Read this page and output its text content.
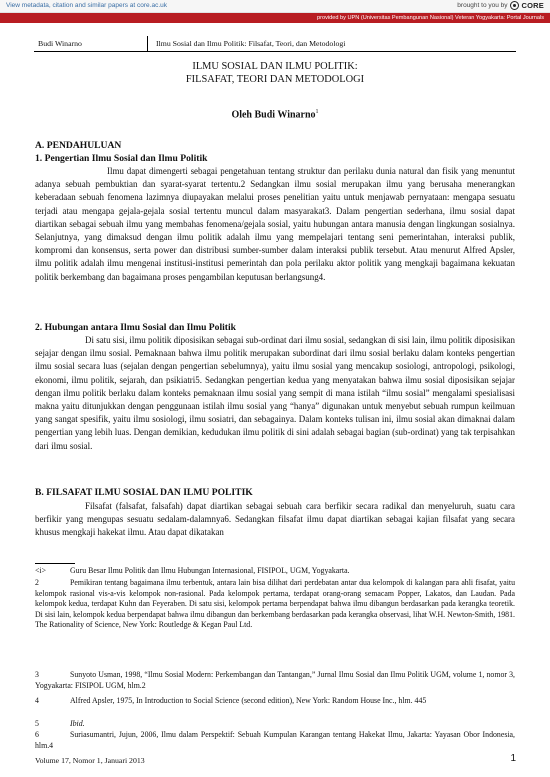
View metadata, citation and similar papers at core.ac.uk	brought to you by CORE
provided by UPN (Universitas Pembangunan Nasional) Veteran Yogyakarta: Portal Journals
Budi Winarno	Ilmu Sosial dan Ilmu Politik: Filsafat, Teori, dan Metodologi
ILMU SOSIAL DAN ILMU POLITIK:
FILSAFAT, TEORI DAN METODOLOGI
Oleh Budi Winarno$^1$
A. PENDAHULUAN
1. Pengertian Ilmu Sosial dan Ilmu Politik
Ilmu dapat dimengerti sebagai pengetahuan tentang struktur dan perilaku dunia natural dan fisik yang menuntut adanya sebuah pembuktian dan syarat-syarat tertentu.2 Sedangkan ilmu sosial merupakan ilmu yang berusaha menerangkan keberadaan sebuah fenomena lazimnya diupayakan melalui proses penelitian yaitu untuk menjawab pernyataan: mengapa sesuatu terjadi atau mengapa gejala-gejala sosial tertentu muncul dalam masyarakat3. Dalam pengertian sederhana, ilmu sosial dapat diartikan sebagai sebuah ilmu yang membahas fenomena/gejala sosial, yaitu hubungan antara manusia dengan lingkungan sosialnya. Selanjutnya, yang dimaksud dengan ilmu politik adalah ilmu yang mempelajari tentang seni pemerintahan, interaksi publik, kompromi dan konsensus, serta power dan distribusi sumber-sumber dalam interaksi publik tersebut. Atau menurut Alfred Apsler, ilmu politik adalah ilmu mengenai institusi-institusi pemerintah dan pola perilaku aktor politik yang mengkaji bagaimana kekuatan politik berkembang dan bagaimana proses pengambilan keputusan berlangsung4.
2. Hubungan antara Ilmu Sosial dan Ilmu Politik
Di satu sisi, ilmu politik diposisikan sebagai sub-ordinat dari ilmu sosial, sedangkan di sisi lain, ilmu politik diposisikan sejajar dengan ilmu sosial. Pemaknaan bahwa ilmu politik merupakan subordinat dari ilmu sosial berlaku dalam konteks pengertian ilmu sosial secara luas (sejalan dengan pengertian sebelumnya), yaitu ilmu sosial yang mencakup sosiologi, antropologi, psikologi, ekonomi, ilmu politik, sejarah, dan psikiatri5. Sedangkan pengertian kedua yang menyatakan bahwa ilmu sosial diposisikan sejajar dengan ilmu politik berlaku dalam konteks pemaknaan ilmu sosial yang sempit di mana istilah “ilmu sosial” mengalami spesialisasi makna yaitu ditunjukkan dengan penggunaan istilah ilmu sosial yang “hanya” digunakan untuk menyebut sebuah rumpun keilmuan yang sangat spesifik, yaitu ilmu sosiologi, ilmu sosiatri, dan sebagainya. Dalam konteks tulisan ini, ilmu sosial akan dimaknai dalam pengertian yang lebih luas. Dengan demikian, kedudukan ilmu politik di sini adalah sebagai bagian (sub-ordinat) yang tak terpisahkan dari ilmu sosial.
B. FILSAFAT ILMU SOSIAL DAN ILMU POLITIK
Filsafat (falsafat, falsafah) dapat diartikan sebagai sebuah cara berfikir secara radikal dan menyeluruh, suatu cara berfikir yang mengupas sesuatu sedalam-dalamnya6. Sedangkan filsafat ilmu dapat diartikan sebagai kajian filsafat yang secara khusus mengkaji hakekat ilmu. Atau dapat dikatakan
<i>	Guru Besar Ilmu Politik dan Ilmu Hubungan Internasional, FISIPOL, UGM, Yogyakarta.
2	Pemikiran tentang bagaimana ilmu terbentuk, antara lain bisa dilihat dari perdebatan antar dua kelompok di kalangan para ahli fisafat, yaitu kelompok rasional vis-a-vis kelompok non-rasional. Pada kelompok pertama, terdapat orang-orang semacam Popper, Lakatos, dan Laudan. Pada kelompok kedua, terdapat Kuhn dan Feyeraben. Di satu sisi, kelompok pertama berpendapat bahwa ilmu dibangun berdasarkan pada kerangka teoretik. Di sisi lain, kelompok kedua berpendapat bahwa ilmu dibangun dan berkembang berdasarkan pada kerangka observasi, lihat W.H. Newton-Smith, 1981. The Rationality of Science, New York: Routledge & Kegan Paul Ltd.
3	Sunyoto Usman, 1998, “Ilmu Sosial Modern: Perkembangan dan Tantangan,” Jurnal Ilmu Sosial dan Ilmu Politik UGM, volume 1, nomor 3, Yogyakarta: FISIPOL UGM, hlm.2
4	Alfred Apsler, 1975, In Introduction to Social Science (second edition), New York: Random House Inc., hlm. 445
5	Ibid.
6	Suriasumantri, Jujun, 2006, Ilmu dalam Perspektif: Sebuah Kumpulan Karangan tentang Hakekat Ilmu, Jakarta: Yayasan Obor Indonesia, hlm.4
Volume 17, Nomor 1, Januari 2013	1
